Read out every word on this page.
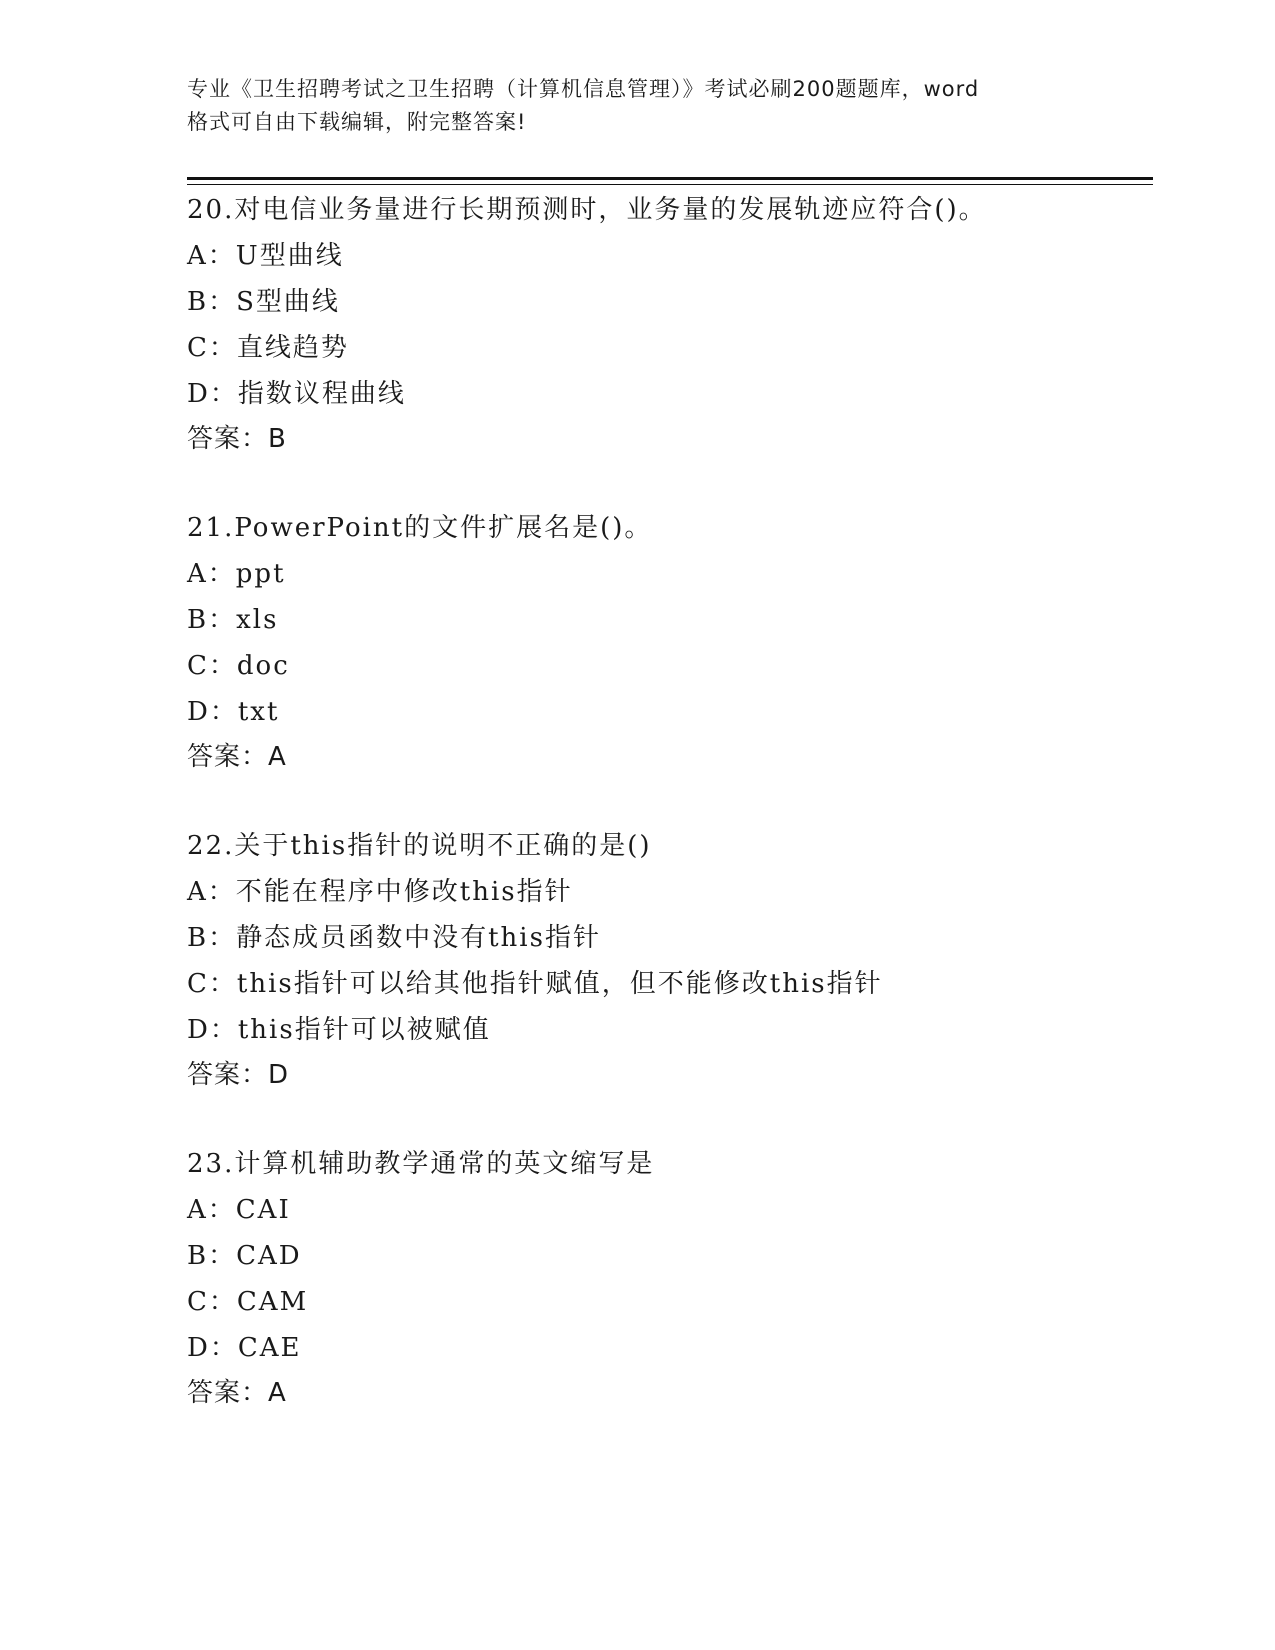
专业《卫生招聘考试之卫生招聘（计算机信息管理）》考试必刷200题题库，word
格式可自由下载编辑，附完整答案!
20.对电信业务量进行长期预测时，业务量的发展轨迹应符合()。
A：U型曲线
B：S型曲线
C：直线趋势
D：指数议程曲线
答案：B
21.PowerPoint的文件扩展名是()。
A：ppt
B：xls
C：doc
D：txt
答案：A
22.关于this指针的说明不正确的是()
A：不能在程序中修改this指针
B：静态成员函数中没有this指针
C：this指针可以给其他指针赋值，但不能修改this指针
D：this指针可以被赋值
答案：D
23.计算机辅助教学通常的英文缩写是
A：CAI
B：CAD
C：CAM
D：CAE
答案：A
